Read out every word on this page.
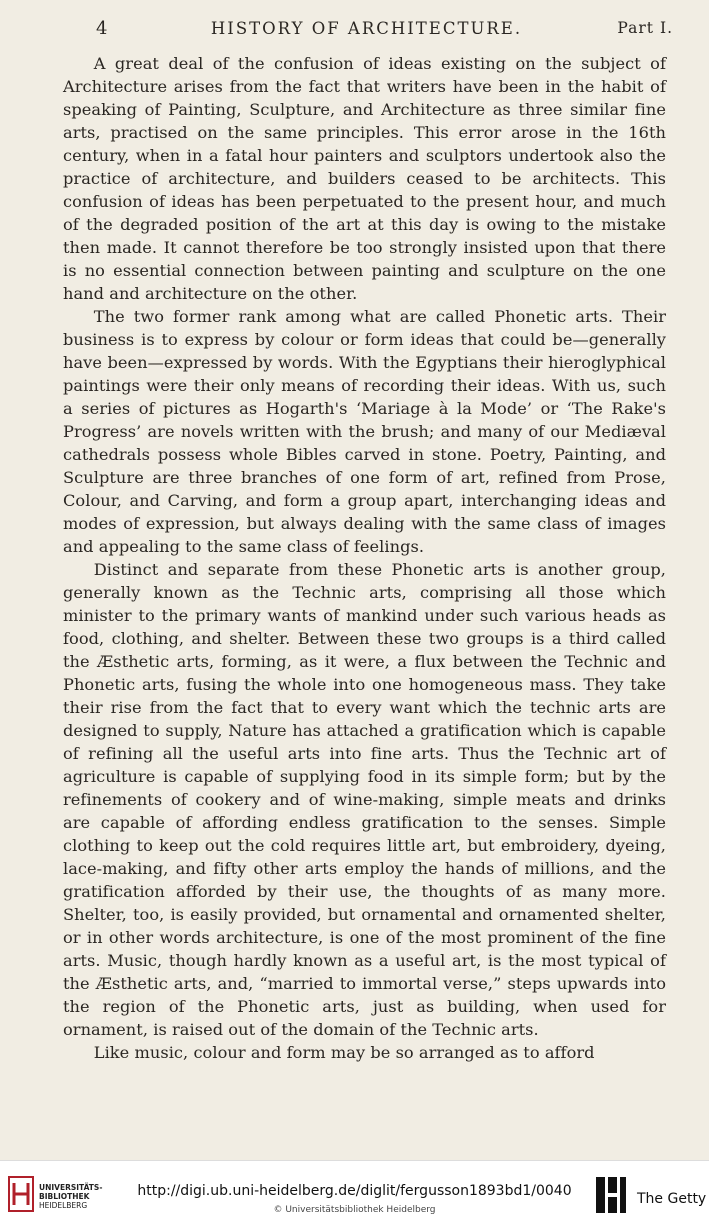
4	HISTORY OF ARCHITECTURE.	Part I.

A great deal of the confusion of ideas existing on the subject of Architecture arises from the fact that writers have been in the habit of speaking of Painting, Sculpture, and Architecture as three similar fine arts, practised on the same principles. This error arose in the 16th century, when in a fatal hour painters and sculptors undertook also the practice of architecture, and builders ceased to be architects. This confusion of ideas has been perpetuated to the present hour, and much of the degraded position of the art at this day is owing to the mistake then made. It cannot therefore be too strongly insisted upon that there is no essential connection between painting and sculpture on the one hand and architecture on the other.

The two former rank among what are called Phonetic arts. Their business is to express by colour or form ideas that could be—generally have been—expressed by words. With the Egyptians their hieroglyphical paintings were their only means of recording their ideas. With us, such a series of pictures as Hogarth's ‘Mariage à la Mode’ or ‘The Rake's Progress’ are novels written with the brush; and many of our Mediæval cathedrals possess whole Bibles carved in stone. Poetry, Painting, and Sculpture are three branches of one form of art, refined from Prose, Colour, and Carving, and form a group apart, interchanging ideas and modes of expression, but always dealing with the same class of images and appealing to the same class of feelings.

Distinct and separate from these Phonetic arts is another group, generally known as the Technic arts, comprising all those which minister to the primary wants of mankind under such various heads as food, clothing, and shelter. Between these two groups is a third called the Æsthetic arts, forming, as it were, a flux between the Technic and Phonetic arts, fusing the whole into one homogeneous mass. They take their rise from the fact that to every want which the technic arts are designed to supply, Nature has attached a gratification which is capable of refining all the useful arts into fine arts. Thus the Technic art of agriculture is capable of supplying food in its simple form; but by the refinements of cookery and of wine-making, simple meats and drinks are capable of affording endless gratification to the senses. Simple clothing to keep out the cold requires little art, but embroidery, dyeing, lace-making, and fifty other arts employ the hands of millions, and the gratification afforded by their use, the thoughts of as many more. Shelter, too, is easily provided, but ornamental and ornamented shelter, or in other words architecture, is one of the most prominent of the fine arts. Music, though hardly known as a useful art, is the most typical of the Æsthetic arts, and, “married to immortal verse,” steps upwards into the region of the Phonetic arts, just as building, when used for ornament, is raised out of the domain of the Technic arts.

Like music, colour and form may be so arranged as to afford

UNIVERSITÄTS-
BIBLIOTHEK
HEIDELBERG
http://digi.ub.uni-heidelberg.de/diglit/fergusson1893bd1/0040
© Universitätsbibliothek Heidelberg
The Getty
